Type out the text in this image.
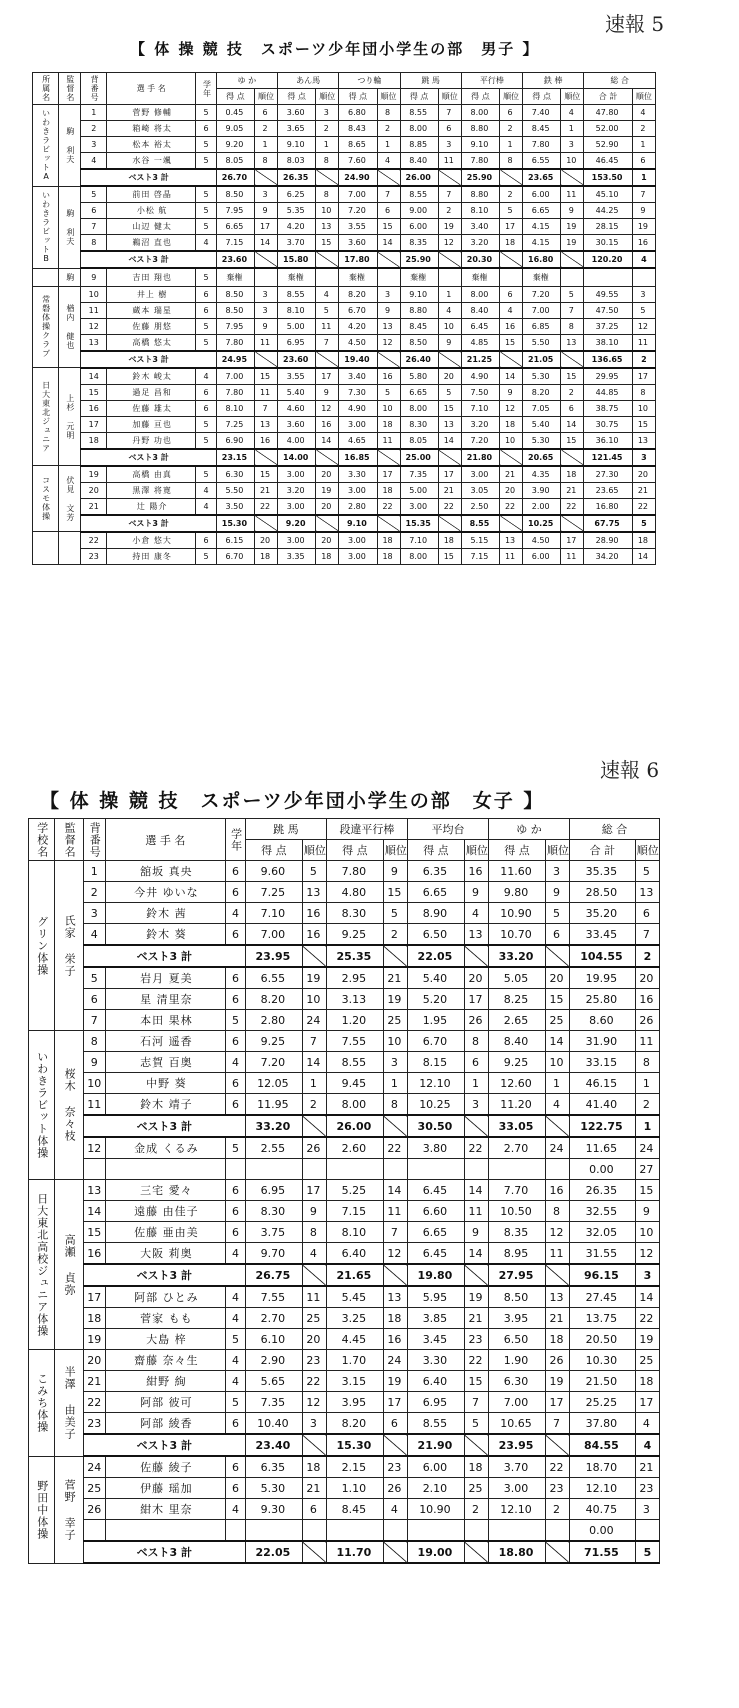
速報 5
【 体 操 競 技　スポーツ少年団小学生の部　男子 】
所属名	監督名	背番号	選 手 名	学年	ゆ か		あん馬		つり輪		跳 馬		平行棒		鉄 棒		総 合	
					得 点	順位	得 点	順位	得 点	順位	得 点	順位	得 点	順位	得 点	順位	合 計	順位
いわきラビットA	駒 利夫	1	菅野 修輔	5	0.45	6	3.60	3	6.80	8	8.55	7	8.00	6	7.40	4	47.80	4
		2	箱崎 将太	6	9.05	2	3.65	2	8.43	2	8.00	6	8.80	2	8.45	1	52.00	2
		3	松本 裕太	5	9.20	1	9.10	1	8.65	1	8.85	3	9.10	1	7.80	3	52.90	1
		4	水谷 一颯	5	8.05	8	8.03	8	7.60	4	8.40	11	7.80	8	6.55	10	46.45	6
		ベスト3 計			26.70		26.35		24.90		26.00		25.90		23.65		153.50	1
いわきラビットB	駒 利夫	5	前田 啓晶	5	8.50	3	6.25	8	7.00	7	8.55	7	8.80	2	6.00	11	45.10	7
		6	小松 航	5	7.95	9	5.35	10	7.20	6	9.00	2	8.10	5	6.65	9	44.25	9
		7	山辺 健太	5	6.65	17	4.20	13	3.55	15	6.00	19	3.40	17	4.15	19	28.15	19
		8	鵜沼 直也	4	7.15	14	3.70	15	3.60	14	8.35	12	3.20	18	4.15	19	30.15	16
		ベスト3 計			23.60		15.80		17.80		25.90		20.30		16.80		120.20	4
	駒	9	吉田 翔也	5	棄権		棄権		棄権		棄権		棄権		棄権			
常磐体操クラブ	楢内 健也	10	井上 樹	6	8.50	3	8.55	4	8.20	3	9.10	1	8.00	6	7.20	5	49.55	3
		11	蔵本 瑞星	6	8.50	3	8.10	5	6.70	9	8.80	4	8.40	4	7.00	7	47.50	5
		12	佐藤 朋悠	5	7.95	9	5.00	11	4.20	13	8.45	10	6.45	16	6.85	8	37.25	12
		13	高橋 悠太	5	7.80	11	6.95	7	4.50	12	8.50	9	4.85	15	5.50	13	38.10	11
		ベスト3 計			24.95		23.60		19.40		26.40		21.25		21.05		136.65	2
日大東北ジュニア	上杉 元明	14	鈴木 峻太	4	7.00	15	3.55	17	3.40	16	5.80	20	4.90	14	5.30	15	29.95	17
		15	過足 昌和	6	7.80	11	5.40	9	7.30	5	6.65	5	7.50	9	8.20	2	44.85	8
		16	佐藤 雄太	6	8.10	7	4.60	12	4.90	10	8.00	15	7.10	12	7.05	6	38.75	10
		17	加藤 亘也	5	7.25	13	3.60	16	3.00	18	8.30	13	3.20	18	5.40	14	30.75	15
		18	丹野 功也	5	6.90	16	4.00	14	4.65	11	8.05	14	7.20	10	5.30	15	36.10	13
		ベスト3 計			23.15		14.00		16.85		25.00		21.80		20.65		121.45	3
コスモ体操	伏見 文芳	19	高橋 由真	5	6.30	15	3.00	20	3.30	17	7.35	17	3.00	21	4.35	18	27.30	20
		20	黒澤 将寛	4	5.50	21	3.20	19	3.00	18	5.00	21	3.05	20	3.90	21	23.65	21
		21	辻 陽介	4	3.50	22	3.00	20	2.80	22	3.00	22	2.50	22	2.00	22	16.80	22
		ベスト3 計			15.30		9.20		9.10		15.35		8.55		10.25		67.75	5
		22	小倉 悠大	6	6.15	20	3.00	20	3.00	18	7.10	18	5.15	13	4.50	17	28.90	18
		23	持田 康冬	5	6.70	18	3.35	18	3.00	18	8.00	15	7.15	11	6.00	11	34.20	14
速報 6
【 体 操 競 技　スポーツ少年団小学生の部　女子 】
学校名	監督名	背番号	選 手 名	学年	跳 馬		段違平行棒		平均台		ゆ か		総 合	
					得 点	順位	得 点	順位	得 点	順位	得 点	順位	合 計	順位
グリン体操	氏家 栄子	1	舘坂 真央	6	9.60	5	7.80	9	6.35	16	11.60	3	35.35	5
		2	今井 ゆいな	6	7.25	13	4.80	15	6.65	9	9.80	9	28.50	13
		3	鈴木 茜	4	7.10	16	8.30	5	8.90	4	10.90	5	35.20	6
		4	鈴木 葵	6	7.00	16	9.25	2	6.50	13	10.70	6	33.45	7
		ベスト3 計			23.95		25.35		22.05		33.20		104.55	2
		5	岩月 夏美	6	6.55	19	2.95	21	5.40	20	5.05	20	19.95	20
		6	星 清里奈	6	8.20	10	3.13	19	5.20	17	8.25	15	25.80	16
		7	本田 果林	5	2.80	24	1.20	25	1.95	26	2.65	25	8.60	26
いわきラビット体操	桜木 奈々枝	8	石河 遥香	6	9.25	7	7.55	10	6.70	8	8.40	14	31.90	11
		9	志賀 百奥	4	7.20	14	8.55	3	8.15	6	9.25	10	33.15	8
		10	中野 葵	6	12.05	1	9.45	1	12.10	1	12.60	1	46.15	1
		11	鈴木 靖子	6	11.95	2	8.00	8	10.25	3	11.20	4	41.40	2
		ベスト3 計			33.20		26.00		30.50		33.05		122.75	1
		12	金成 くるみ	5	2.55	26	2.60	22	3.80	22	2.70	24	11.65	24
													0.00	27
日大東北高校ジュニア体操	高瀬 貞弥	13	三宅 愛々	6	6.95	17	5.25	14	6.45	14	7.70	16	26.35	15
		14	遠藤 由佳子	6	8.30	9	7.15	11	6.60	11	10.50	8	32.55	9
		15	佐藤 亜由美	6	3.75	8	8.10	7	6.65	9	8.35	12	32.05	10
		16	大阪 莉奥	4	9.70	4	6.40	12	6.45	14	8.95	11	31.55	12
		ベスト3 計			26.75		21.65		19.80		27.95		96.15	3
		17	阿部 ひとみ	4	7.55	11	5.45	13	5.95	19	8.50	13	27.45	14
		18	菅家 もも	4	2.70	25	3.25	18	3.85	21	3.95	21	13.75	22
		19	大島 梓	5	6.10	20	4.45	16	3.45	23	6.50	18	20.50	19
こみち体操	半澤 由美子	20	齋藤 奈々生	4	2.90	23	1.70	24	3.30	22	1.90	26	10.30	25
		21	紺野 絢	4	5.65	22	3.15	19	6.40	15	6.30	19	21.50	18
		22	阿部 彼可	5	7.35	12	3.95	17	6.95	7	7.00	17	25.25	17
		23	阿部 綾香	6	10.40	3	8.20	6	8.55	5	10.65	7	37.80	4
		ベスト3 計			23.40		15.30		21.90		23.95		84.55	4
野田中体操	菅野 幸子	24	佐藤 綾子	6	6.35	18	2.15	23	6.00	18	3.70	22	18.70	21
		25	伊藤 瑶加	6	5.30	21	1.10	26	2.10	25	3.00	23	12.10	23
		26	紺木 里奈	4	9.30	6	8.45	4	10.90	2	12.10	2	40.75	3
													0.00	
		ベスト3 計			22.05		11.70		19.00		18.80		71.55	5
